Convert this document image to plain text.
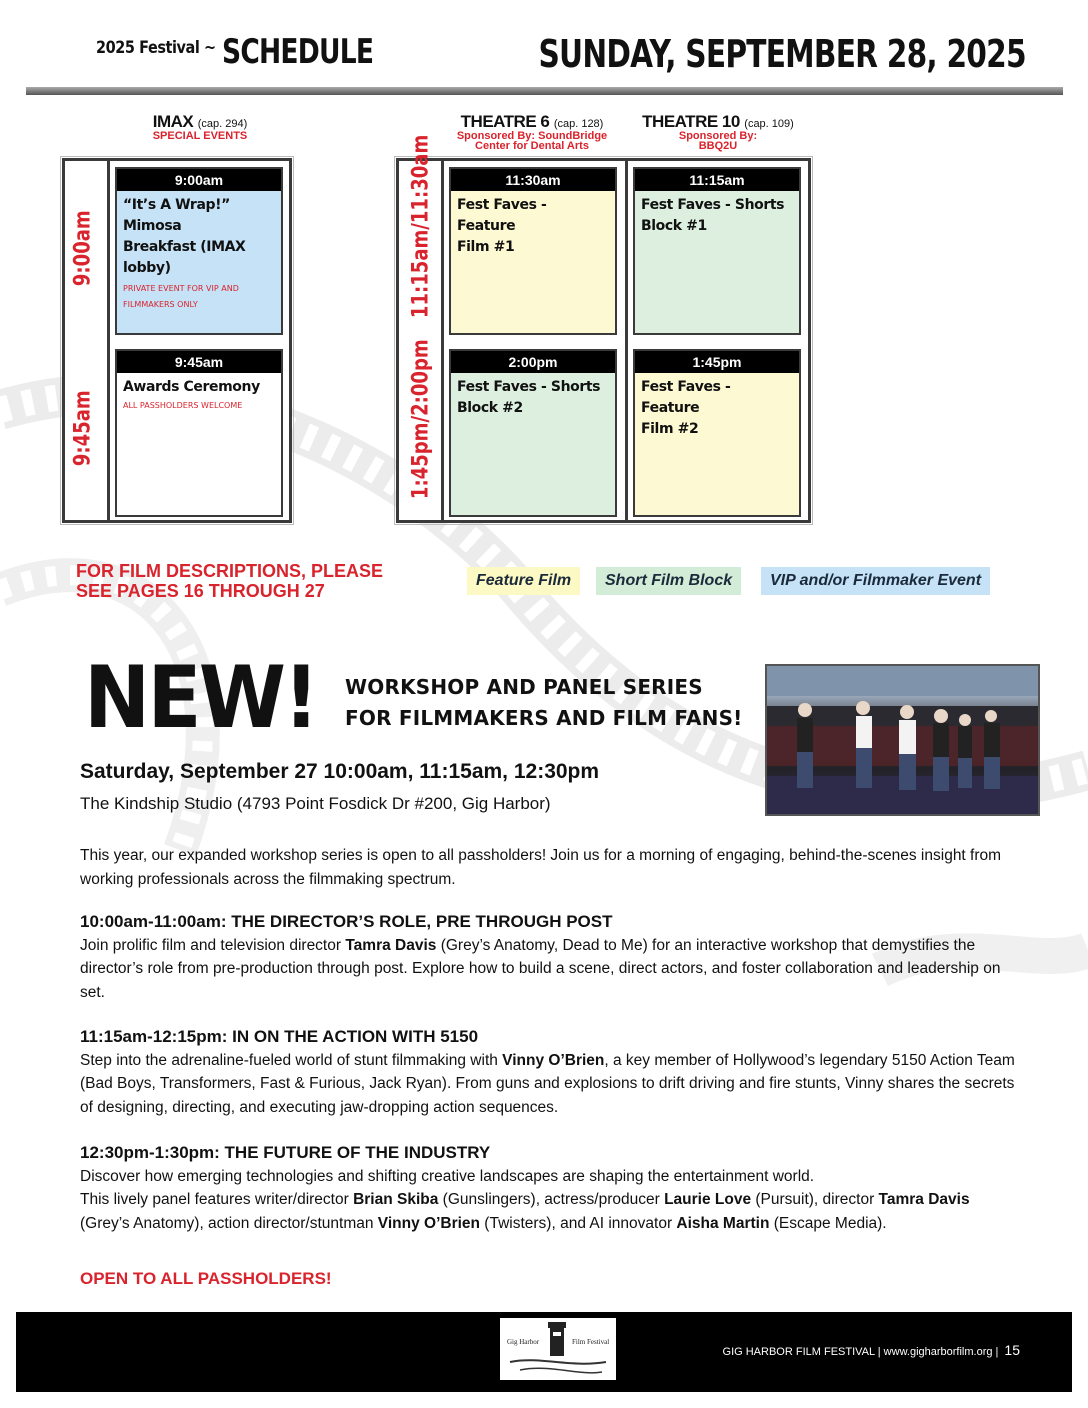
2025 Festival ~ SCHEDULE	SUNDAY, SEPTEMBER 28, 2025
IMAX (cap. 294)
SPECIAL EVENTS
THEATRE 6 (cap. 128)
Sponsored By: SoundBridge
Center for Dental Arts
THEATRE 10 (cap. 109)
Sponsored By:
BBQ2U
9:00am
9:45am
9:00am
“It’s A Wrap!” Mimosa
Breakfast (IMAX lobby)
PRIVATE EVENT FOR VIP AND
FILMMAKERS ONLY
9:45am
Awards Ceremony
ALL PASSHOLDERS WELCOME
11:15am/11:30am
1:45pm/2:00pm
11:30am
Fest Faves - Feature
Film #1
11:15am
Fest Faves - Shorts
Block #1
2:00pm
Fest Faves - Shorts
Block #2
1:45pm
Fest Faves - Feature
Film #2
FOR FILM DESCRIPTIONS, PLEASE
SEE PAGES 16 THROUGH 27
Feature Film	Short Film Block	VIP and/or Filmmaker Event
NEW! WORKSHOP AND PANEL SERIES
FOR FILMMAKERS AND FILM FANS!
Saturday, September 27 10:00am, 11:15am, 12:30pm
The Kindship Studio (4793 Point Fosdick Dr #200, Gig Harbor)
This year, our expanded workshop series is open to all passholders! Join us for a morning of engaging, behind-the-scenes insight from working professionals across the filmmaking spectrum.
10:00am-11:00am: THE DIRECTOR’S ROLE, PRE THROUGH POST
Join prolific film and television director Tamra Davis (Grey’s Anatomy, Dead to Me) for an interactive workshop that demystifies the director’s role from pre-production through post. Explore how to build a scene, direct actors, and foster collaboration and leadership on set.
11:15am-12:15pm: IN ON THE ACTION WITH 5150
Step into the adrenaline-fueled world of stunt filmmaking with Vinny O’Brien, a key member of Hollywood’s legendary 5150 Action Team (Bad Boys, Transformers, Fast & Furious, Jack Ryan). From guns and explosions to drift driving and fire stunts, Vinny shares the secrets of designing, directing, and executing jaw-dropping action sequences.
12:30pm-1:30pm: THE FUTURE OF THE INDUSTRY
Discover how emerging technologies and shifting creative landscapes are shaping the entertainment world.
This lively panel features writer/director Brian Skiba (Gunslingers), actress/producer Laurie Love (Pursuit), director Tamra Davis (Grey’s Anatomy), action director/stuntman Vinny O’Brien (Twisters), and AI innovator Aisha Martin (Escape Media).
OPEN TO ALL PASSHOLDERS!
Gig Harbor	Film Festival
GIG HARBOR FILM FESTIVAL | www.gigharborfilm.org | 15
